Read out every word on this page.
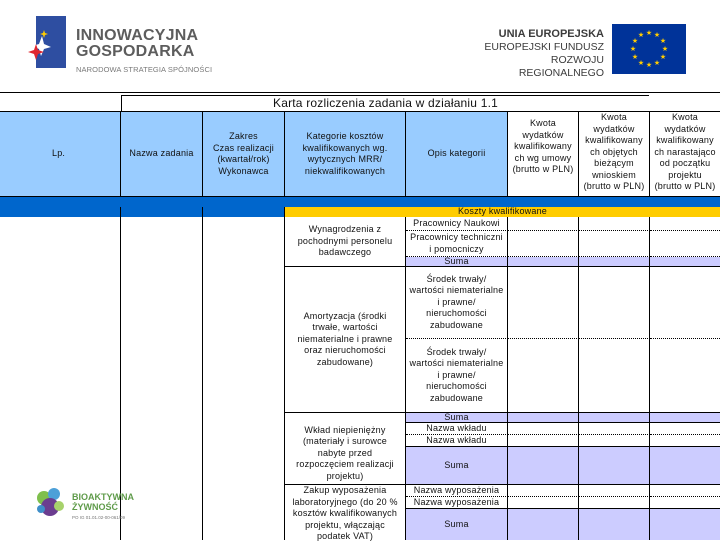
INNOWACYJNA
GOSPODARKA
NARODOWA STRATEGIA SPÓJNOŚCI
UNIA EUROPEJSKA
EUROPEJSKI FUNDUSZ
ROZWOJU REGIONALNEGO
★ ★
★
★
★
★
★
★
★
★
★
★
Karta rozliczenia zadania w działaniu 1.1
Lp.	Nazwa zadania
Zakres
Czas realizacji
(kwartał/rok)
Wykonawca
Kategorie kosztów
kwalifikowanych wg.
wytycznych MRR/
niekwalifikowanych
Opis kategorii
Kwota
wydatków
kwalifikowany
ch wg umowy
(brutto w PLN)
Kwota
wydatków
kwalifikowany
ch objętych
bieżącym
wnioskiem
(brutto w PLN)
Kwota
wydatków
kwalifikowany
ch narastająco
od początku
projektu
(brutto w PLN)
Koszty kwalifikowane
Wynagrodzenia z
pochodnymi personelu
badawczego
Pracownicy Naukowi
Pracownicy techniczni
i pomocniczy
Suma
Amortyzacja (środki
trwałe, wartości
niematerialne i prawne
oraz nieruchomości
zabudowane)
Środek trwały/
wartości niematerialne
i prawne/
nieruchomości
zabudowane
Środek trwały/
wartości niematerialne
i prawne/
nieruchomości
zabudowane
Suma
Wkład niepieniężny
(materiały i surowce
nabyte przed
rozpoczęciem realizacji
projektu)
Nazwa wkładu
Nazwa wkładu
Suma
Zakup wyposażenia
laboratoryjnego (do 20 %
kosztów kwalifikowanych
projektu, włączając
podatek VAT)
Nazwa wyposażenia
Nazwa wyposażenia
Suma
BIOAKTYWNA
ŻYWNOŚĆ
PO IG 01.01.02-00-061/09
